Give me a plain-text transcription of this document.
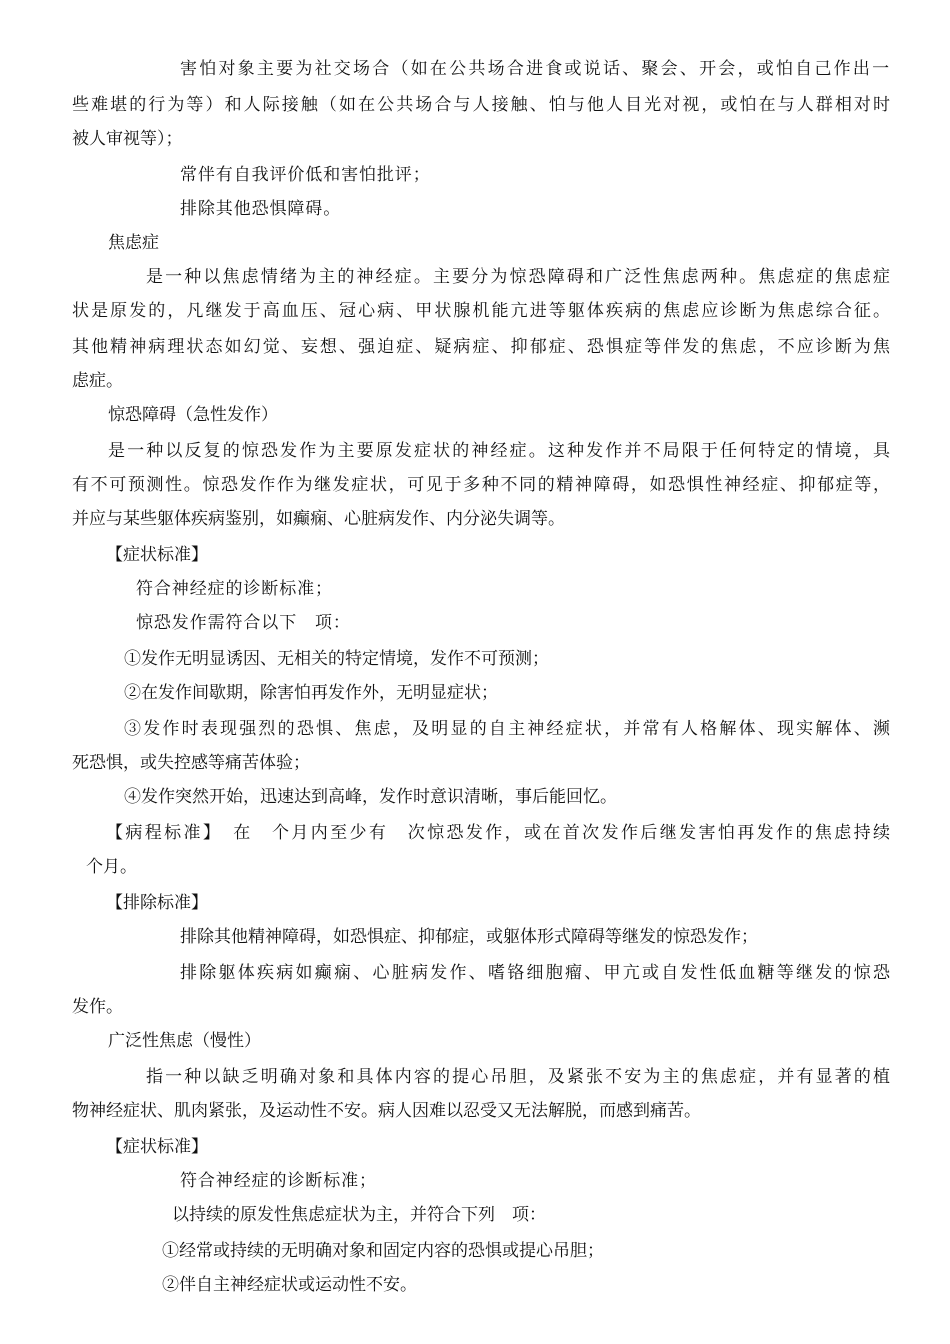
害怕对象主要为社交场合（如在公共场合进食或说话、聚会、开会，或怕自己作出一
些难堪的行为等）和人际接触（如在公共场合与人接触、怕与他人目光对视，或怕在与人群相对时
被人审视等）；
常伴有自我评价低和害怕批评；
排除其他恐惧障碍。
焦虑症
是一种以焦虑情绪为主的神经症。主要分为惊恐障碍和广泛性焦虑两种。焦虑症的焦虑症
状是原发的，凡继发于高血压、冠心病、甲状腺机能亢进等躯体疾病的焦虑应诊断为焦虑综合征。
其他精神病理状态如幻觉、妄想、强迫症、疑病症、抑郁症、恐惧症等伴发的焦虑，不应诊断为焦
虑症。
惊恐障碍（急性发作）
是一种以反复的惊恐发作为主要原发症状的神经症。这种发作并不局限于任何特定的情境，具
有不可预测性。惊恐发作作为继发症状，可见于多种不同的精神障碍，如恐惧性神经症、抑郁症等，
并应与某些躯体疾病鉴别，如癫痫、心脏病发作、内分泌失调等。
【症状标准】
符合神经症的诊断标准；
惊恐发作需符合以下　项：
①发作无明显诱因、无相关的特定情境，发作不可预测；
②在发作间歇期，除害怕再发作外，无明显症状；
③发作时表现强烈的恐惧、焦虑，及明显的自主神经症状，并常有人格解体、现实解体、濒
死恐惧，或失控感等痛苦体验；
④发作突然开始，迅速达到高峰，发作时意识清晰，事后能回忆。
【病程标准】　在　个月内至少有　次惊恐发作，或在首次发作后继发害怕再发作的焦虑持续
个月。
【排除标准】
排除其他精神障碍，如恐惧症、抑郁症，或躯体形式障碍等继发的惊恐发作；
排除躯体疾病如癫痫、心脏病发作、嗜铬细胞瘤、甲亢或自发性低血糖等继发的惊恐
发作。
广泛性焦虑（慢性）
指一种以缺乏明确对象和具体内容的提心吊胆，及紧张不安为主的焦虑症，并有显著的植
物神经症状、肌肉紧张，及运动性不安。病人因难以忍受又无法解脱，而感到痛苦。
【症状标准】
符合神经症的诊断标准；
以持续的原发性焦虑症状为主，并符合下列　项：
①经常或持续的无明确对象和固定内容的恐惧或提心吊胆；
②伴自主神经症状或运动性不安。
